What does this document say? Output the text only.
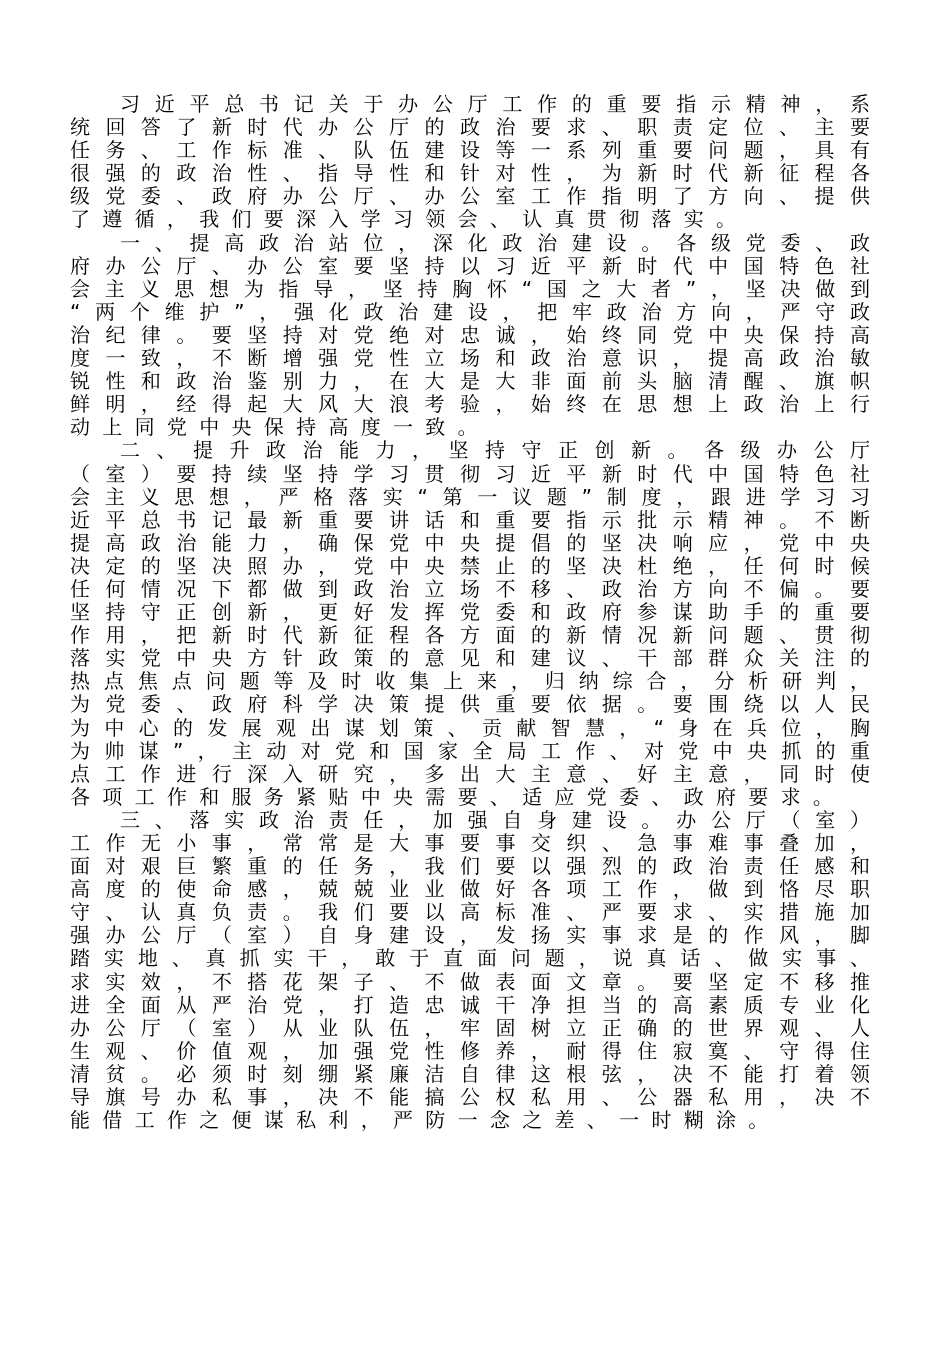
习近平总书记关于办公厅工作的重要指示精神，系
统回答了新时代办公厅的政治要求、职责定位、主要
任务、工作标准、队伍建设等一系列重要问题，具有
很强的政治性、指导性和针对性，为新时代新征程各
级党委、政府办公厅、办公室工作指明了方向、提供
了遵循，我们要深入学习领会、认真贯彻落实。
一、提高政治站位，深化政治建设。各级党委、政
府办公厅、办公室要坚持以习近平新时代中国特色社
会主义思想为指导，坚持胸怀“国之大者”，坚决做到
“两个维护”，强化政治建设，把牢政治方向，严守政
治纪律。要坚持对党绝对忠诚，始终同党中央保持高
度一致，不断增强党性立场和政治意识，提高政治敏
锐性和政治鉴别力，在大是大非面前头脑清醒、旗帜
鲜明，经得起大风大浪考验，始终在思想上政治上行
动上同党中央保持高度一致。
二、提升政治能力，坚持守正创新。各级办公厅
（室）要持续坚持学习贯彻习近平新时代中国特色社
会主义思想，严格落实“第一议题”制度，跟进学习习
近平总书记最新重要讲话和重要指示批示精神。不断
提高政治能力，确保党中央提倡的坚决响应，党中央
决定的坚决照办，党中央禁止的坚决杜绝，任何时候
任何情况下都做到政治立场不移、政治方向不偏。要
坚持守正创新，更好发挥党委和政府参谋助手的重要
作用，把新时代新征程各方面的新情况新问题、贯彻
落实党中央方针政策的意见和建议、干部群众关注的
热点焦点问题等及时收集上来，归纳综合，分析研判，
为党委、政府科学决策提供重要依据。要围绕以人民
为中心的发展观出谋划策、贡献智慧，“身在兵位，胸
为帅谋”，主动对党和国家全局工作、对党中央抓的重
点工作进行深入研究，多出大主意、好主意，同时使
各项工作和服务紧贴中央需要、适应党委、政府要求。
三、落实政治责任，加强自身建设。办公厅（室）
工作无小事，常常是大事要事交织、急事难事叠加，
面对艰巨繁重的任务，我们要以强烈的政治责任感和
高度的使命感，兢兢业业做好各项工作，做到恪尽职
守、认真负责。我们要以高标准、严要求、实措施加
强办公厅（室）自身建设，发扬实事求是的作风，脚
踏实地、真抓实干，敢于直面问题，说真话、做实事、
求实效，不搭花架子、不做表面文章。要坚定不移推
进全面从严治党，打造忠诚干净担当的高素质专业化
办公厅（室）从业队伍，牢固树立正确的世界观、人
生观、价值观，加强党性修养，耐得住寂寞、守得住
清贫。必须时刻绷紧廉洁自律这根弦，决不能打着领
导旗号办私事，决不能搞公权私用、公器私用，决不
能借工作之便谋私利，严防一念之差、一时糊涂。
